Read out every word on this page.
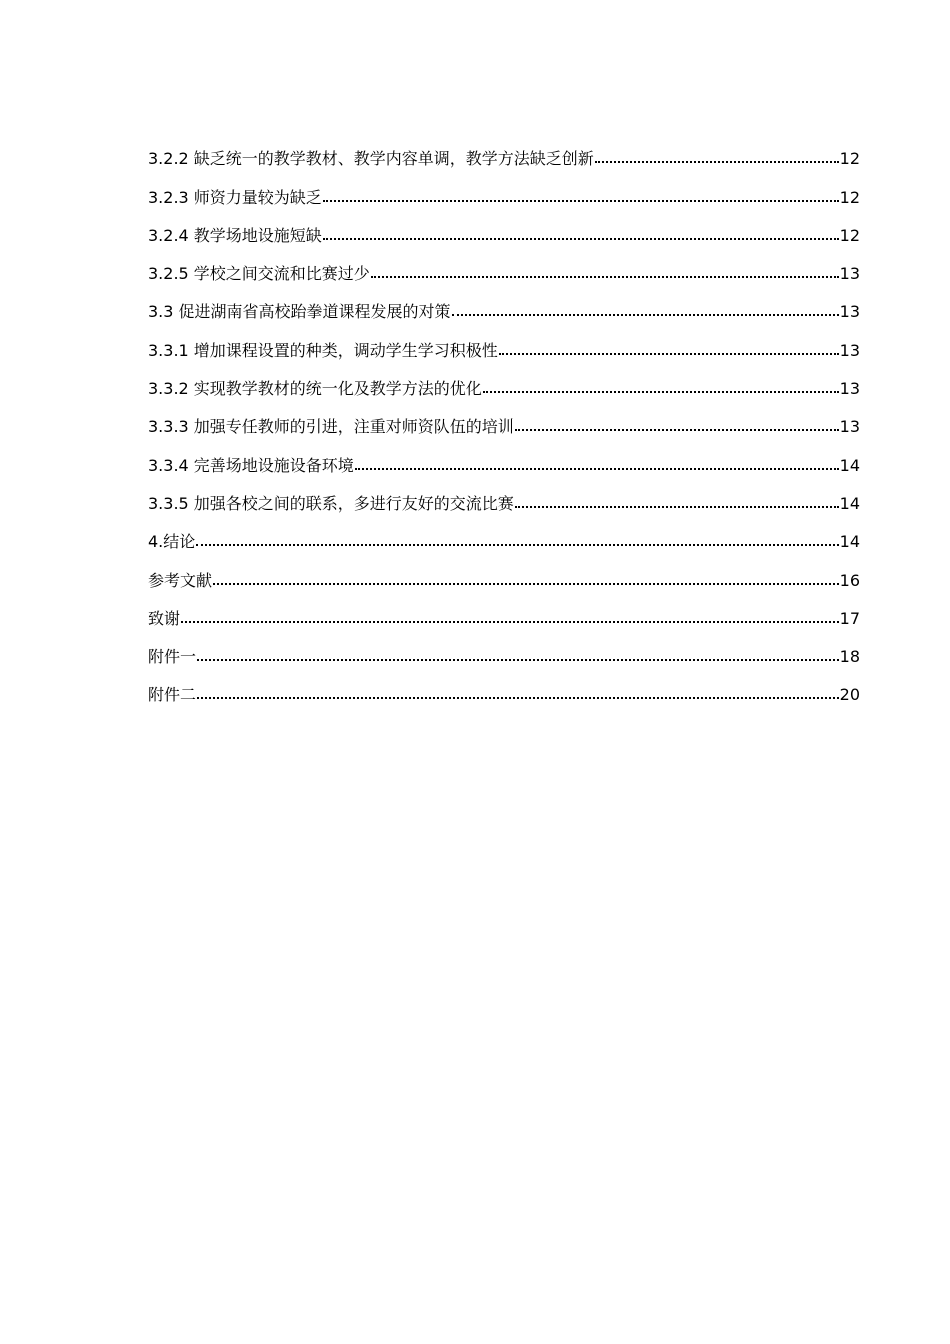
3.2.2 缺乏统一的教学教材、教学内容单调，教学方法缺乏创新	12
3.2.3 师资力量较为缺乏	12
3.2.4 教学场地设施短缺	12
3.2.5 学校之间交流和比赛过少	13
3.3 促进湖南省高校跆拳道课程发展的对策	13
3.3.1 增加课程设置的种类，调动学生学习积极性	13
3.3.2 实现教学教材的统一化及教学方法的优化	13
3.3.3 加强专任教师的引进，注重对师资队伍的培训	13
3.3.4 完善场地设施设备环境	14
3.3.5 加强各校之间的联系，多进行友好的交流比赛	14
4.结论	14
参考文献	16
致谢	17
附件一	18
附件二	20
